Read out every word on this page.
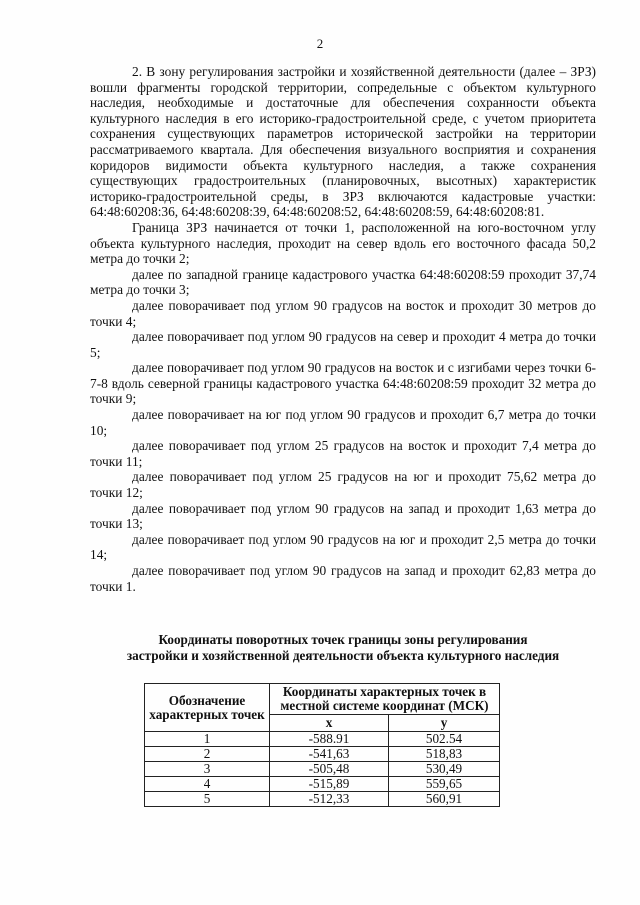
2

2. В зону регулирования застройки и хозяйственной деятельности (далее – ЗРЗ) вошли фрагменты городской территории, сопредельные с объектом культурного наследия, необходимые и достаточные для обеспечения сохранности объекта культурного наследия в его историко-градостроительной среде, с учетом приоритета сохранения существующих параметров исторической застройки на территории рассматриваемого квартала. Для обеспечения визуального восприятия и сохранения коридоров видимости объекта культурного наследия, а также сохранения существующих градостроительных (планировочных, высотных) характеристик историко-градостроительной среды, в ЗРЗ включаются кадастровые участки: 64:48:60208:36, 64:48:60208:39, 64:48:60208:52, 64:48:60208:59, 64:48:60208:81.

Граница ЗРЗ начинается от точки 1, расположенной на юго-восточном углу объекта культурного наследия, проходит на север вдоль его восточного фасада 50,2 метра до точки 2;

далее по западной границе кадастрового участка 64:48:60208:59 проходит 37,74 метра до точки 3;

далее поворачивает под углом 90 градусов на восток и проходит 30 метров до точки 4;

далее поворачивает под углом 90 градусов на север и проходит 4 метра до точки 5;

далее поворачивает под углом 90 градусов на восток и с изгибами через точки 6-7-8 вдоль северной границы кадастрового участка 64:48:60208:59 проходит 32 метра до точки 9;

далее поворачивает на юг под углом 90 градусов и проходит 6,7 метра до точки 10;

далее поворачивает под углом 25 градусов на восток и проходит 7,4 метра до точки 11;

далее поворачивает под углом 25 градусов на юг и проходит 75,62 метра до точки 12;

далее поворачивает под углом 90 градусов на запад и проходит 1,63 метра до точки 13;

далее поворачивает под углом 90 градусов на юг и проходит 2,5 метра до точки 14;

далее поворачивает под углом 90 градусов на запад и проходит 62,83 метра до точки 1.

Координаты поворотных точек границы зоны регулирования
застройки и хозяйственной деятельности объекта культурного наследия
Обозначение характерных точек	Координаты характерных точек в местной системе координат (МСК)	
	x	y
1	-588.91	502.54
2	-541,63	518,83
3	-505,48	530,49
4	-515,89	559,65
5	-512,33	560,91
